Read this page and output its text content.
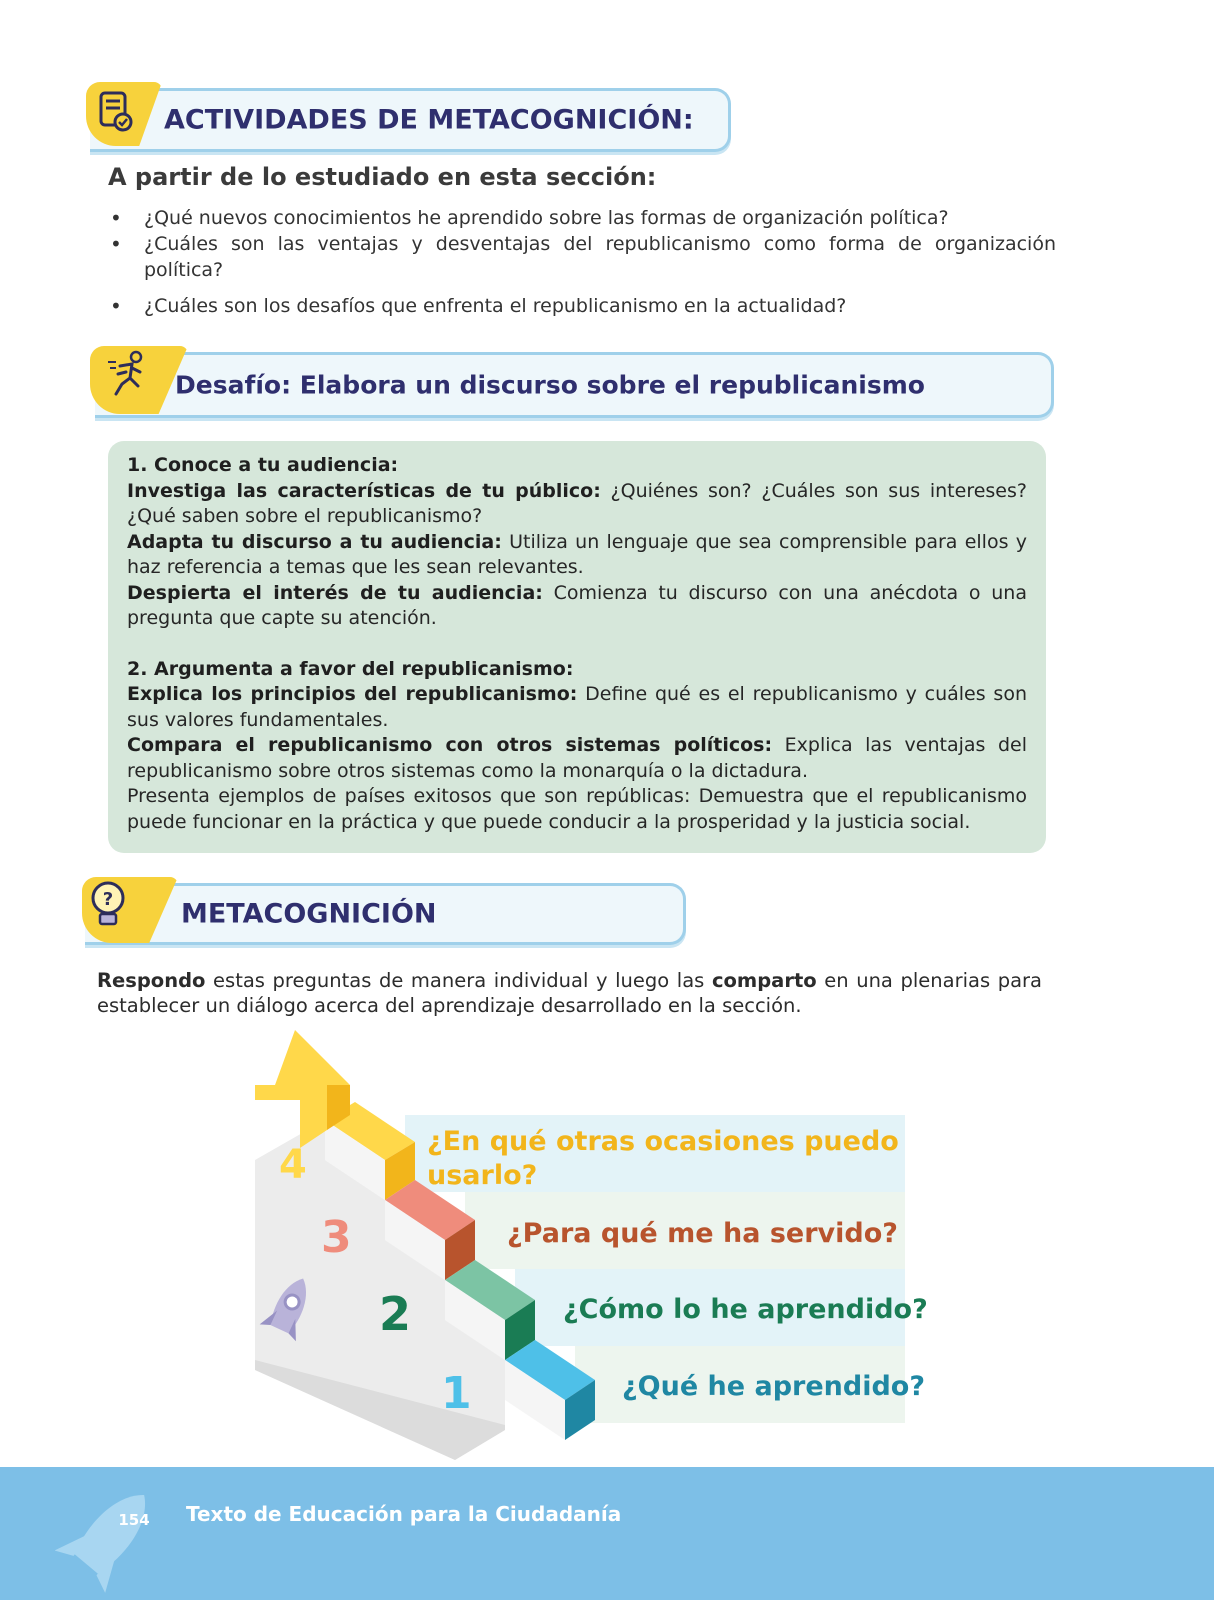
ACTIVIDADES DE METACOGNICIÓN:

A partir de lo estudiado en esta sección:

• ¿Qué nuevos conocimientos he aprendido sobre las formas de organización política?
• ¿Cuáles son las ventajas y desventajas del republicanismo como forma de organización política?
• ¿Cuáles son los desafíos que enfrenta el republicanismo en la actualidad?
Desafío: Elabora un discurso sobre el republicanismo

1. Conoce a tu audiencia:

Investiga las características de tu público: ¿Quiénes son? ¿Cuáles son sus intereses? ¿Qué saben sobre el republicanismo?

Adapta tu discurso a tu audiencia: Utiliza un lenguaje que sea comprensible para ellos y haz referencia a temas que les sean relevantes.

Despierta el interés de tu audiencia: Comienza tu discurso con una anécdota o una pregunta que capte su atención.

2. Argumenta a favor del republicanismo:

Explica los principios del republicanismo: Define qué es el republicanismo y cuáles son sus valores fundamentales.

Compara el republicanismo con otros sistemas políticos: Explica las ventajas del republicanismo sobre otros sistemas como la monarquía o la dictadura.

Presenta ejemplos de países exitosos que son repúblicas: Demuestra que el republicanismo puede funcionar en la práctica y que puede conducir a la prosperidad y la justicia social.

METACOGNICIÓN
?

Respondo estas preguntas de manera individual y luego las comparto en una plenarias para establecer un diálogo acerca del aprendizaje desarrollado en la sección.

4
3
2
1
¿En qué otras ocasiones puedo
usarlo?
¿Para qué me ha servido?
¿Cómo lo he aprendido?
¿Qué he aprendido?
154 Texto de Educación para la Ciudadanía
